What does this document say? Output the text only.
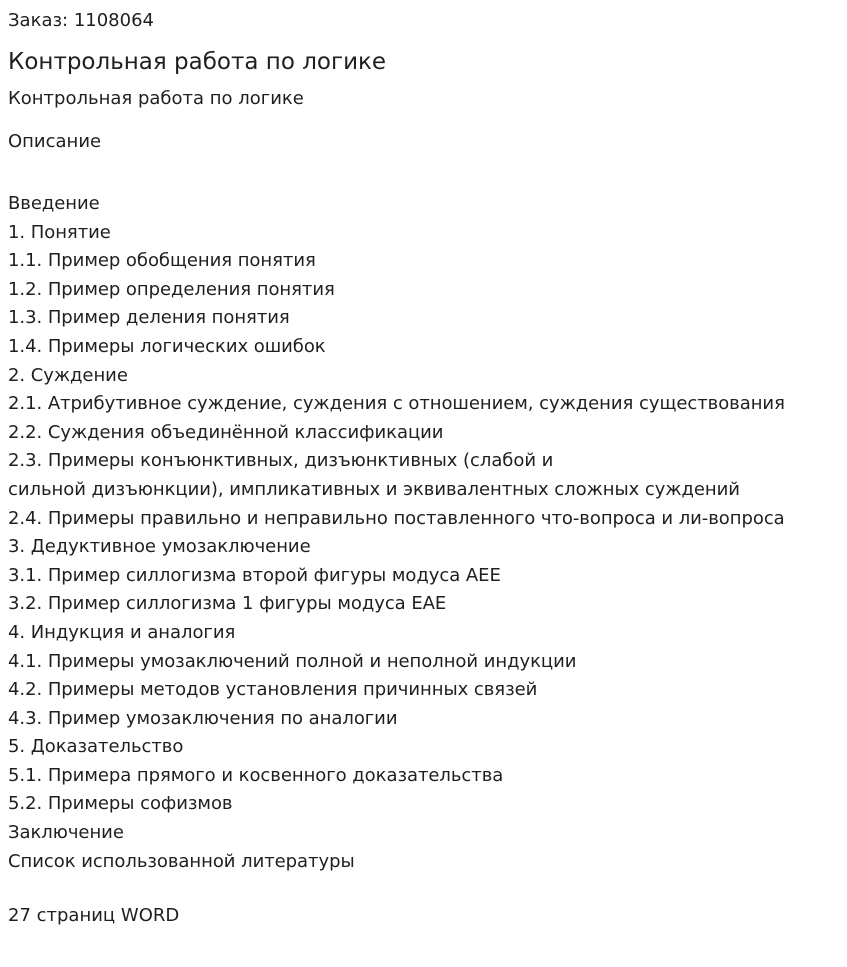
Заказ: 1108064
Контрольная работа по логике
Контрольная работа по логике
Описание
Введение
1. Понятие
1.1. Пример обобщения понятия
1.2. Пример определения понятия
1.3. Пример деления понятия
1.4. Примеры логических ошибок
2. Суждение
2.1. Атрибутивное суждение, суждения с отношением, суждения существования
2.2. Суждения объединённой классификации
2.3. Примеры конъюнктивных, дизъюнктивных (слабой и
сильной дизъюнкции), импликативных и эквивалентных сложных суждений
2.4. Примеры правильно и неправильно поставленного что-вопроса и ли-вопроса
3. Дедуктивное умозаключение
3.1. Пример силлогизма второй фигуры модуса АЕЕ
3.2. Пример силлогизма 1 фигуры модуса ЕАЕ
4. Индукция и аналогия
4.1. Примеры умозаключений полной и неполной индукции
4.2. Примеры методов установления причинных связей
4.3. Пример умозаключения по аналогии
5. Доказательство
5.1. Примера прямого и косвенного доказательства
5.2. Примеры софизмов
Заключение
Список использованной литературы
27 страниц WORD
